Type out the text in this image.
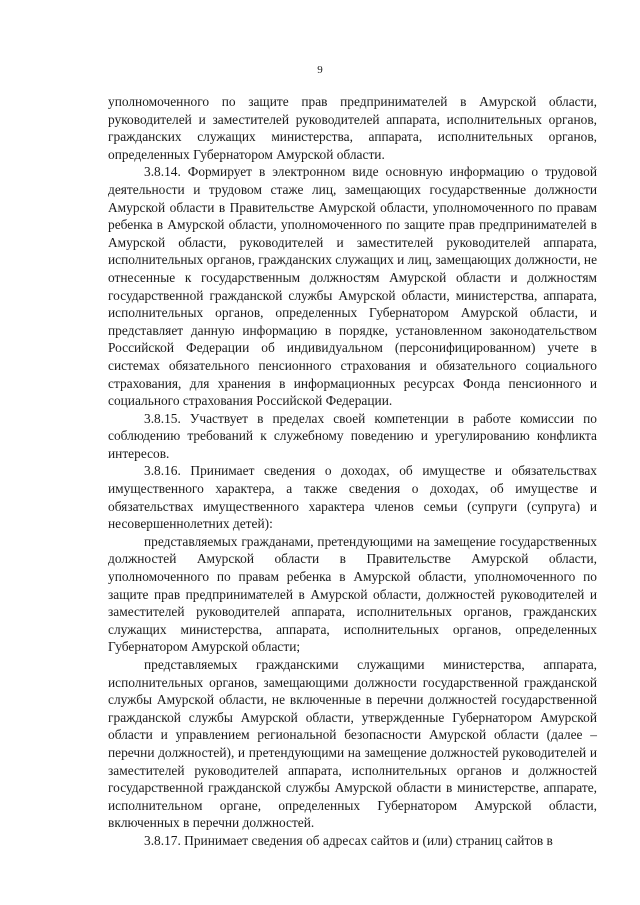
9

уполномоченного по защите прав предпринимателей в Амурской области, руководителей и заместителей руководителей аппарата, исполнительных органов, гражданских служащих министерства, аппарата, исполнительных органов, определенных Губернатором Амурской области.

3.8.14. Формирует в электронном виде основную информацию о трудовой деятельности и трудовом стаже лиц, замещающих государственные должности Амурской области в Правительстве Амурской области, уполномоченного по правам ребенка в Амурской области, уполномоченного по защите прав предпринимателей в Амурской области, руководителей и заместителей руководителей аппарата, исполнительных органов, гражданских служащих и лиц, замещающих должности, не отнесенные к государственным должностям Амурской области и должностям государственной гражданской службы Амурской области, министерства, аппарата, исполнительных органов, определенных Губернатором Амурской области, и представляет данную информацию в порядке, установленном законодательством Российской Федерации об индивидуальном (персонифицированном) учете в системах обязательного пенсионного страхования и обязательного социального страхования, для хранения в информационных ресурсах Фонда пенсионного и социального страхования Российской Федерации.

3.8.15. Участвует в пределах своей компетенции в работе комиссии по соблюдению требований к служебному поведению и урегулированию конфликта интересов.

3.8.16. Принимает сведения о доходах, об имуществе и обязательствах имущественного характера, а также сведения о доходах, об имуществе и обязательствах имущественного характера членов семьи (супруги (супруга) и несовершеннолетних детей):

представляемых гражданами, претендующими на замещение государственных должностей Амурской области в Правительстве Амурской области, уполномоченного по правам ребенка в Амурской области, уполномоченного по защите прав предпринимателей в Амурской области, должностей руководителей и заместителей руководителей аппарата, исполнительных органов, гражданских служащих министерства, аппарата, исполнительных органов, определенных Губернатором Амурской области;

представляемых гражданскими служащими министерства, аппарата, исполнительных органов, замещающими должности государственной гражданской службы Амурской области, не включенные в перечни должностей государственной гражданской службы Амурской области, утвержденные Губернатором Амурской области и управлением региональной безопасности Амурской области (далее – перечни должностей), и претендующими на замещение должностей руководителей и заместителей руководителей аппарата, исполнительных органов и должностей государственной гражданской службы Амурской области в министерстве, аппарате, исполнительном органе, определенных Губернатором Амурской области, включенных в перечни должностей.

3.8.17. Принимает сведения об адресах сайтов и (или) страниц сайтов в
